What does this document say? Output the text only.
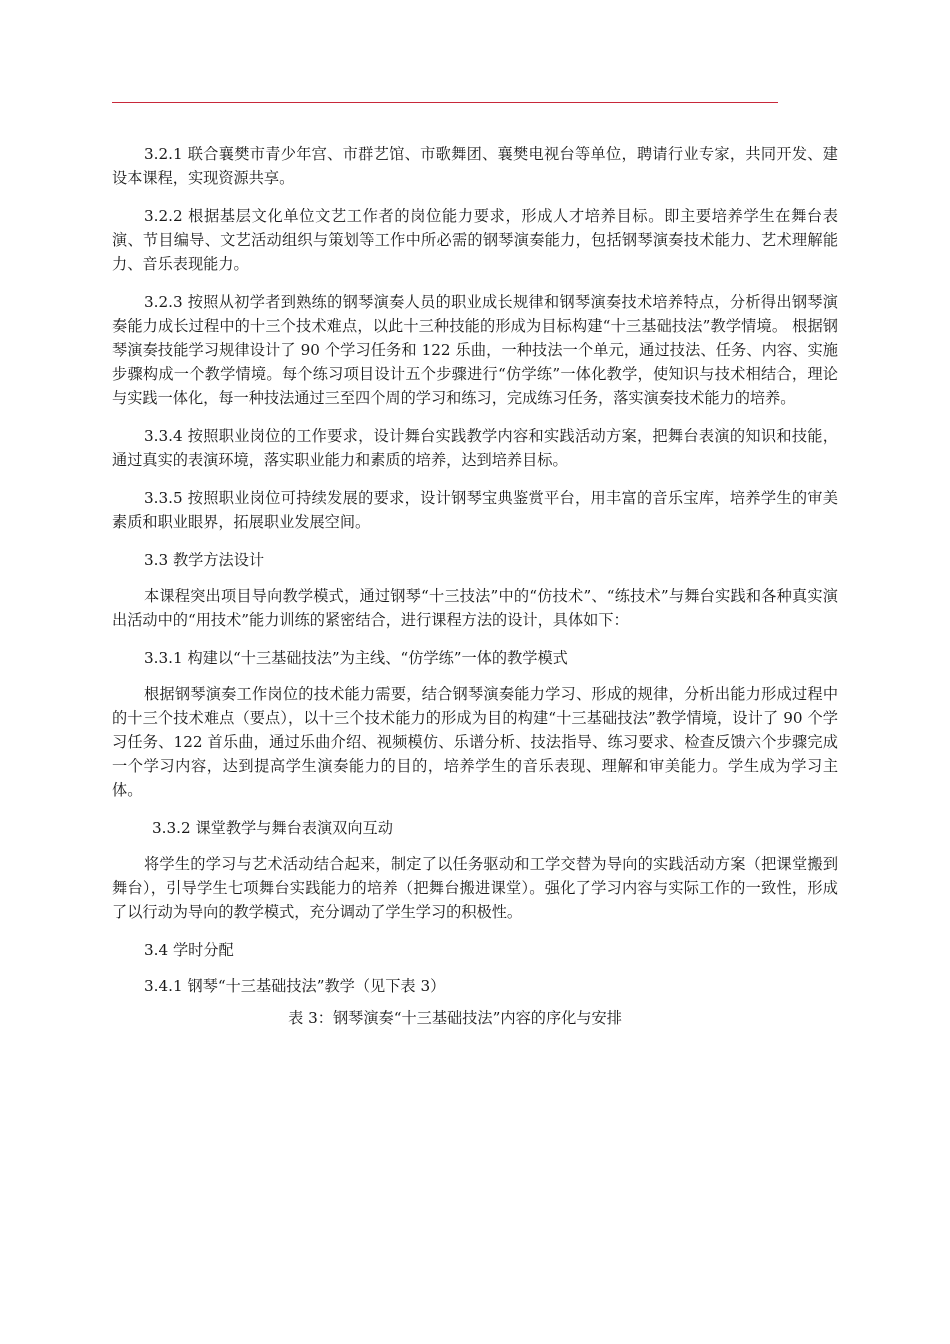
3.2.1 联合襄樊市青少年宫、市群艺馆、市歌舞团、襄樊电视台等单位，聘请行业专家，共同开发、建设本课程，实现资源共享。

3.2.2 根据基层文化单位文艺工作者的岗位能力要求，形成人才培养目标。即主要培养学生在舞台表演、节目编导、文艺活动组织与策划等工作中所必需的钢琴演奏能力，包括钢琴演奏技术能力、艺术理解能力、音乐表现能力。

3.2.3 按照从初学者到熟练的钢琴演奏人员的职业成长规律和钢琴演奏技术培养特点，分析得出钢琴演奏能力成长过程中的十三个技术难点，以此十三种技能的形成为目标构建“十三基础技法”教学情境。 根据钢琴演奏技能学习规律设计了 90 个学习任务和 122 乐曲，一种技法一个单元，通过技法、任务、内容、实施步骤构成一个教学情境。每个练习项目设计五个步骤进行“仿学练”一体化教学，使知识与技术相结合，理论与实践一体化，每一种技法通过三至四个周的学习和练习，完成练习任务，落实演奏技术能力的培养。

3.3.4 按照职业岗位的工作要求，设计舞台实践教学内容和实践活动方案，把舞台表演的知识和技能，通过真实的表演环境，落实职业能力和素质的培养，达到培养目标。

3.3.5 按照职业岗位可持续发展的要求，设计钢琴宝典鉴赏平台，用丰富的音乐宝库，培养学生的审美素质和职业眼界，拓展职业发展空间。

3.3 教学方法设计

本课程突出项目导向教学模式，通过钢琴“十三技法”中的“仿技术”、“练技术”与舞台实践和各种真实演出活动中的“用技术”能力训练的紧密结合，进行课程方法的设计，具体如下：

3.3.1 构建以“十三基础技法”为主线、“仿学练”一体的教学模式

根据钢琴演奏工作岗位的技术能力需要，结合钢琴演奏能力学习、形成的规律，分析出能力形成过程中的十三个技术难点（要点），以十三个技术能力的形成为目的构建“十三基础技法”教学情境，设计了 90 个学习任务、122 首乐曲，通过乐曲介绍、视频模仿、乐谱分析、技法指导、练习要求、检查反馈六个步骤完成一个学习内容，达到提高学生演奏能力的目的，培养学生的音乐表现、理解和审美能力。学生成为学习主体。

3.3.2 课堂教学与舞台表演双向互动

将学生的学习与艺术活动结合起来，制定了以任务驱动和工学交替为导向的实践活动方案（把课堂搬到舞台），引导学生七项舞台实践能力的培养（把舞台搬进课堂）。强化了学习内容与实际工作的一致性，形成了以行动为导向的教学模式，充分调动了学生学习的积极性。

3.4 学时分配

3.4.1 钢琴“十三基础技法”教学（见下表 3）

表 3：钢琴演奏“十三基础技法”内容的序化与安排
